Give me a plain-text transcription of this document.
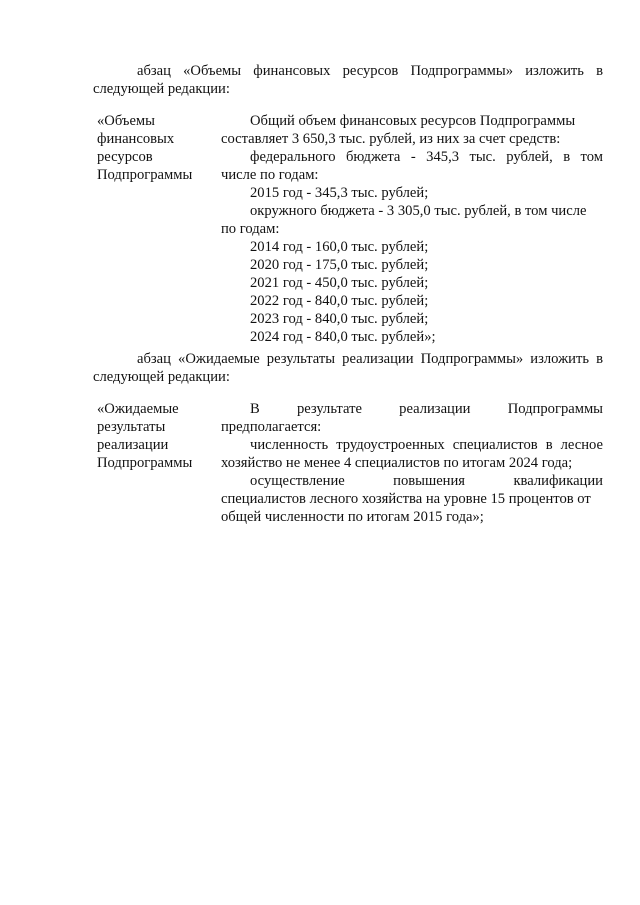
абзац «Объемы финансовых ресурсов Подпрограммы» изложить в следующей редакции:
«Объемы
финансовых
ресурсов
Подпрограммы
Общий объем финансовых ресурсов Подпрограммы
составляет 3 650,3 тыс. рублей, из них за счет средств:
федерального бюджета - 345,3 тыс. рублей, в том
числе по годам:
2015 год - 345,3 тыс. рублей;
окружного бюджета - 3 305,0 тыс. рублей, в том числе
по годам:
2014 год - 160,0 тыс. рублей;
2020 год - 175,0 тыс. рублей;
2021 год - 450,0 тыс. рублей;
2022 год - 840,0 тыс. рублей;
2023 год - 840,0 тыс. рублей;
2024 год - 840,0 тыс. рублей»;
абзац «Ожидаемые результаты реализации Подпрограммы» изложить в следующей редакции:
«Ожидаемые
результаты
реализации
Подпрограммы
В результате реализации Подпрограммы
предполагается:
численность трудоустроенных специалистов в лесное
хозяйство не менее 4 специалистов по итогам 2024 года;
осуществление повышения квалификации
специалистов лесного хозяйства на уровне 15 процентов от
общей численности по итогам 2015 года»;
